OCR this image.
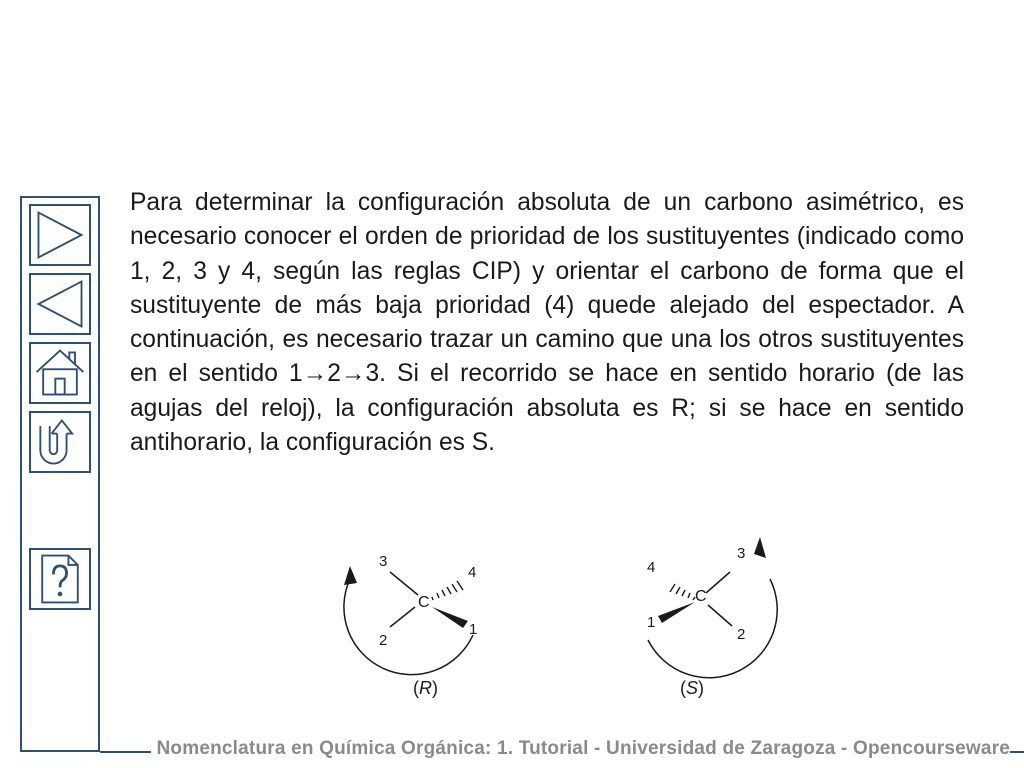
Para determinar la configuración absoluta de un carbono asimétrico, es necesario conocer el orden de prioridad de los sustituyentes (indicado como 1, 2, 3 y 4, según las reglas CIP) y orientar el carbono de forma que el sustituyente de más baja prioridad (4) quede alejado del espectador. A continuación, es necesario trazar un camino que una los otros sustituyentes en el sentido 1→2→3. Si el recorrido se hace en sentido horario (de las agujas del reloj), la configuración absoluta es R; si se hace en sentido antihorario, la configuración es S.

C
3
4
1
2
(R)
C
3
4
1
2
(S)
Nomenclatura en Química Orgánica: 1. Tutorial - Universidad de Zaragoza - Opencourseware
